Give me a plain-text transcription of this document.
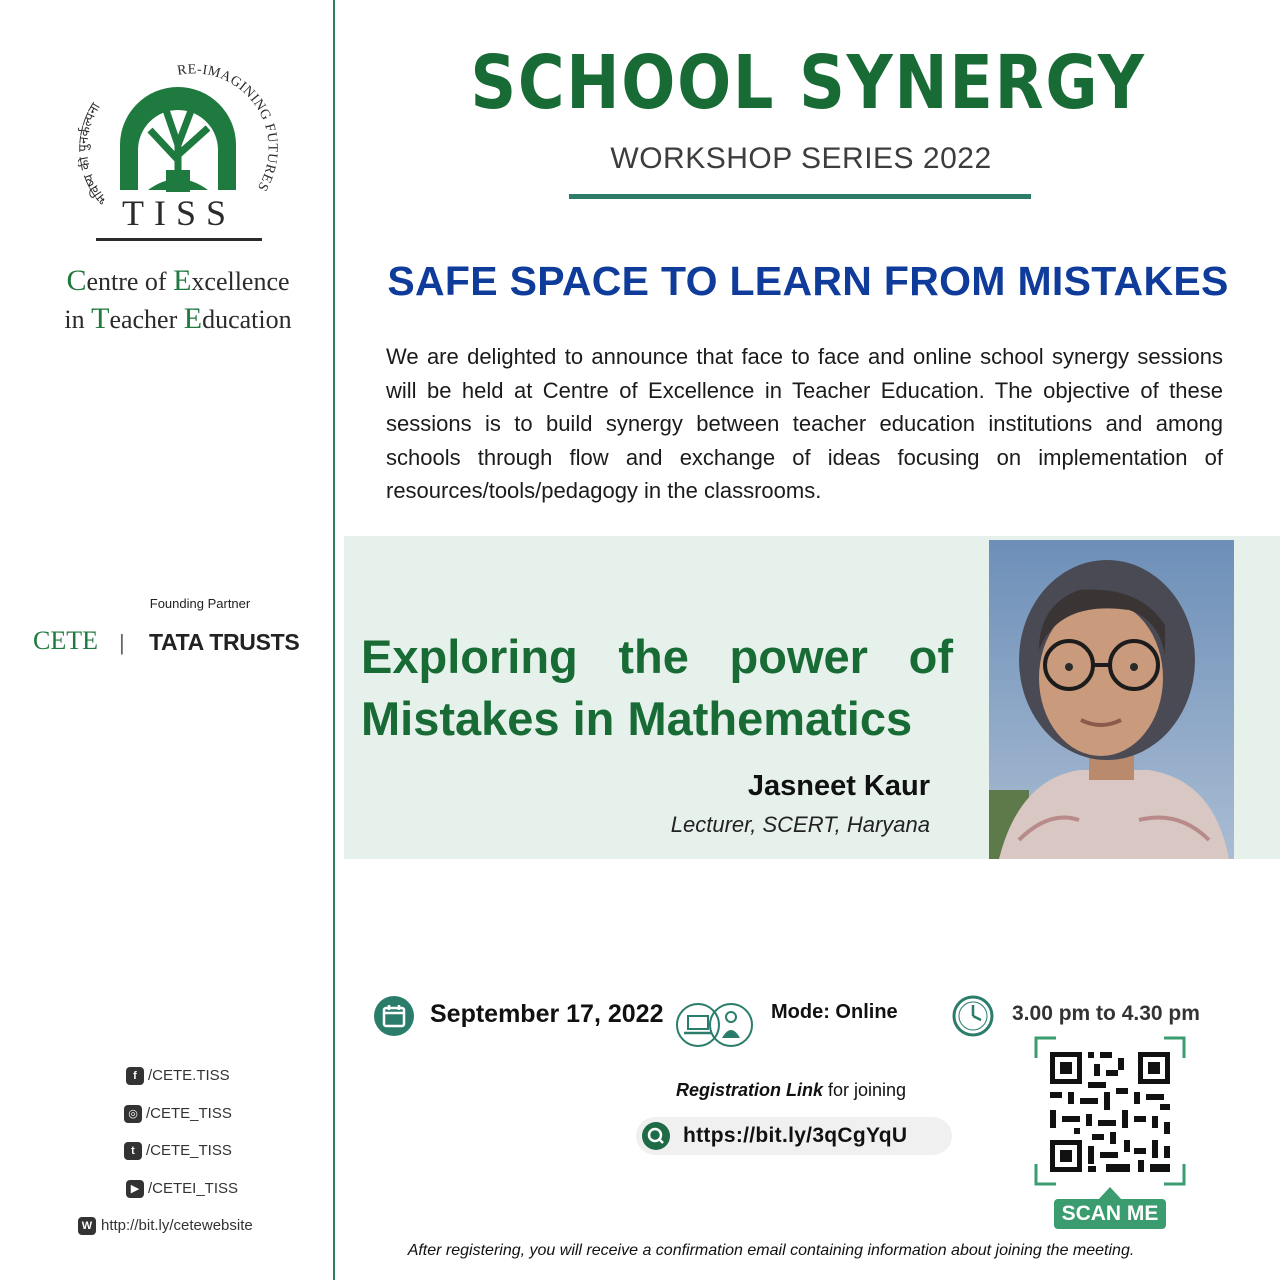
भविष्य की नर्कल्पना
RE-IMAGINING FU URES
TISS
Centre of Excellence
in Teacher Education
Founding Partner
CETE | TATA TRUSTS
f /CETE.TISS
◎ /CETE_TISS
t /CETE_TISS
▶ /CETEI_TISS
W http://bit.ly/cetewebsite
SCHOOL SYNERGY
WORKSHOP SERIES 2022
SAFE SPACE TO LEARN FROM MISTAKES
We are delighted to announce that face to face and online school synergy sessions will be held at Centre of Excellence in Teacher Education. The objective of these sessions is to build synergy between teacher education institutions and among schools through flow and exchange of ideas focusing on implementation of resources/tools/pedagogy in the classrooms.
Exploring the power of
Mistakes in Mathematics
Jasneet Kaur
Lecturer, SCERT, Haryana
September 17, 2022	Mode: Online	3.00 pm to 4.30 pm
Registration Link for joining
https://bit.ly/3qCgYqU
SCAN ME
After registering, you will receive a confirmation email containing information about joining the meeting.
